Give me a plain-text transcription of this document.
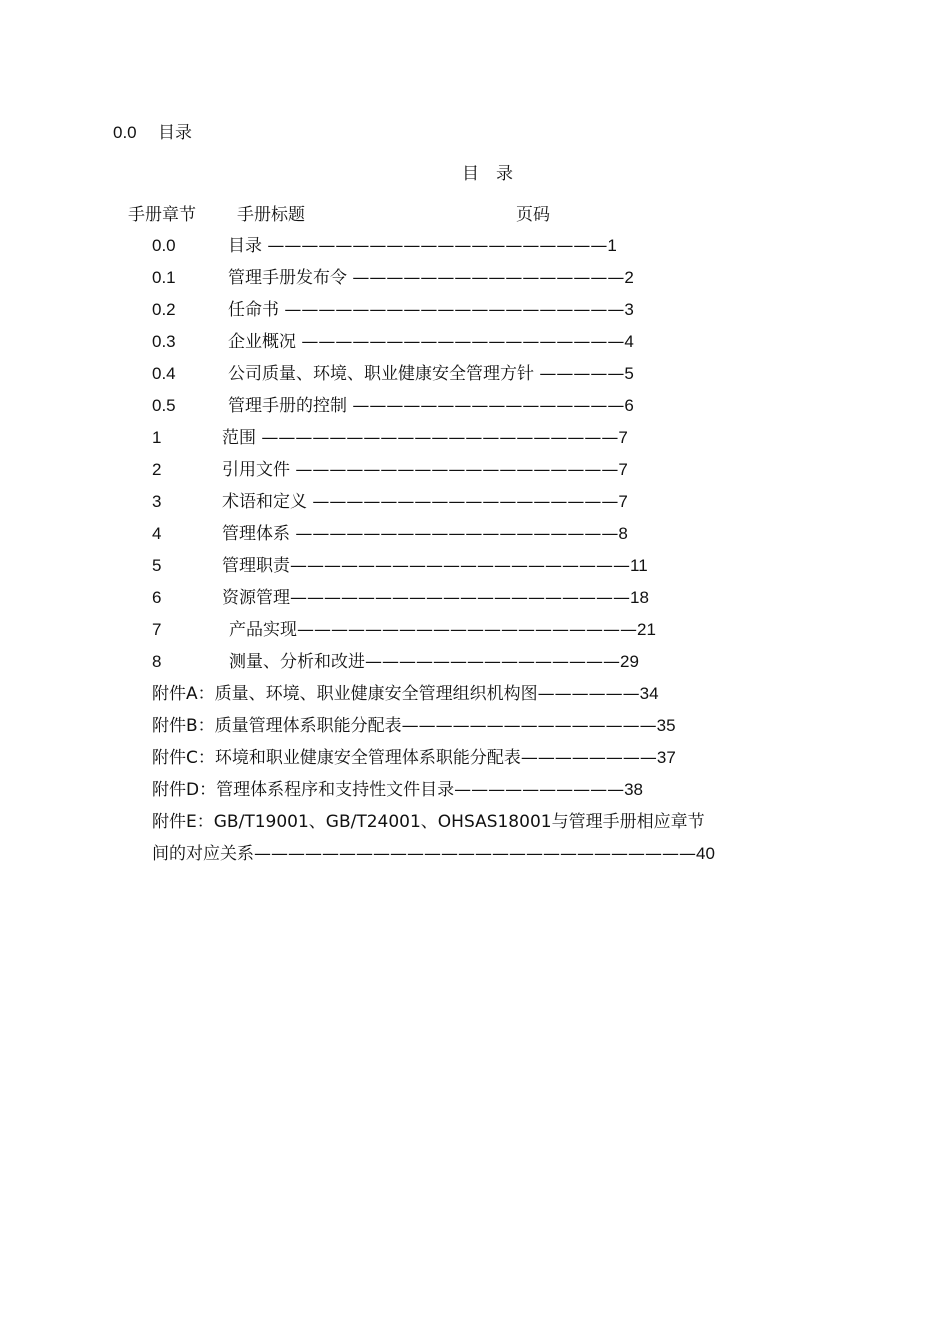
0.0 目录
目　录
手册章节 手册标题	页码
0.0	目录 ————————————————————1
0.1	管理手册发布令 ————————————————2
0.2	任命书 ————————————————————3
0.3	企业概况 ———————————————————4
0.4	公司质量、环境、职业健康安全管理方针 —————5
0.5	管理手册的控制 ————————————————6
1	范围 —————————————————————7
2	引用文件 ———————————————————7
3	术语和定义 ——————————————————7
4	管理体系 ———————————————————8
5	管理职责————————————————————11
6	资源管理————————————————————18
7	产品实现————————————————————21
8	测量、分析和改进———————————————29
附件A：质量、环境、职业健康安全管理组织机构图——————34
附件B：质量管理体系职能分配表———————————————35
附件C：环境和职业健康安全管理体系职能分配表————————37
附件D：管理体系程序和支持性文件目录——————————38
附件E：GB/T19001、GB/T24001、OHSAS18001与管理手册相应章节
间的对应关系——————————————————————————40
